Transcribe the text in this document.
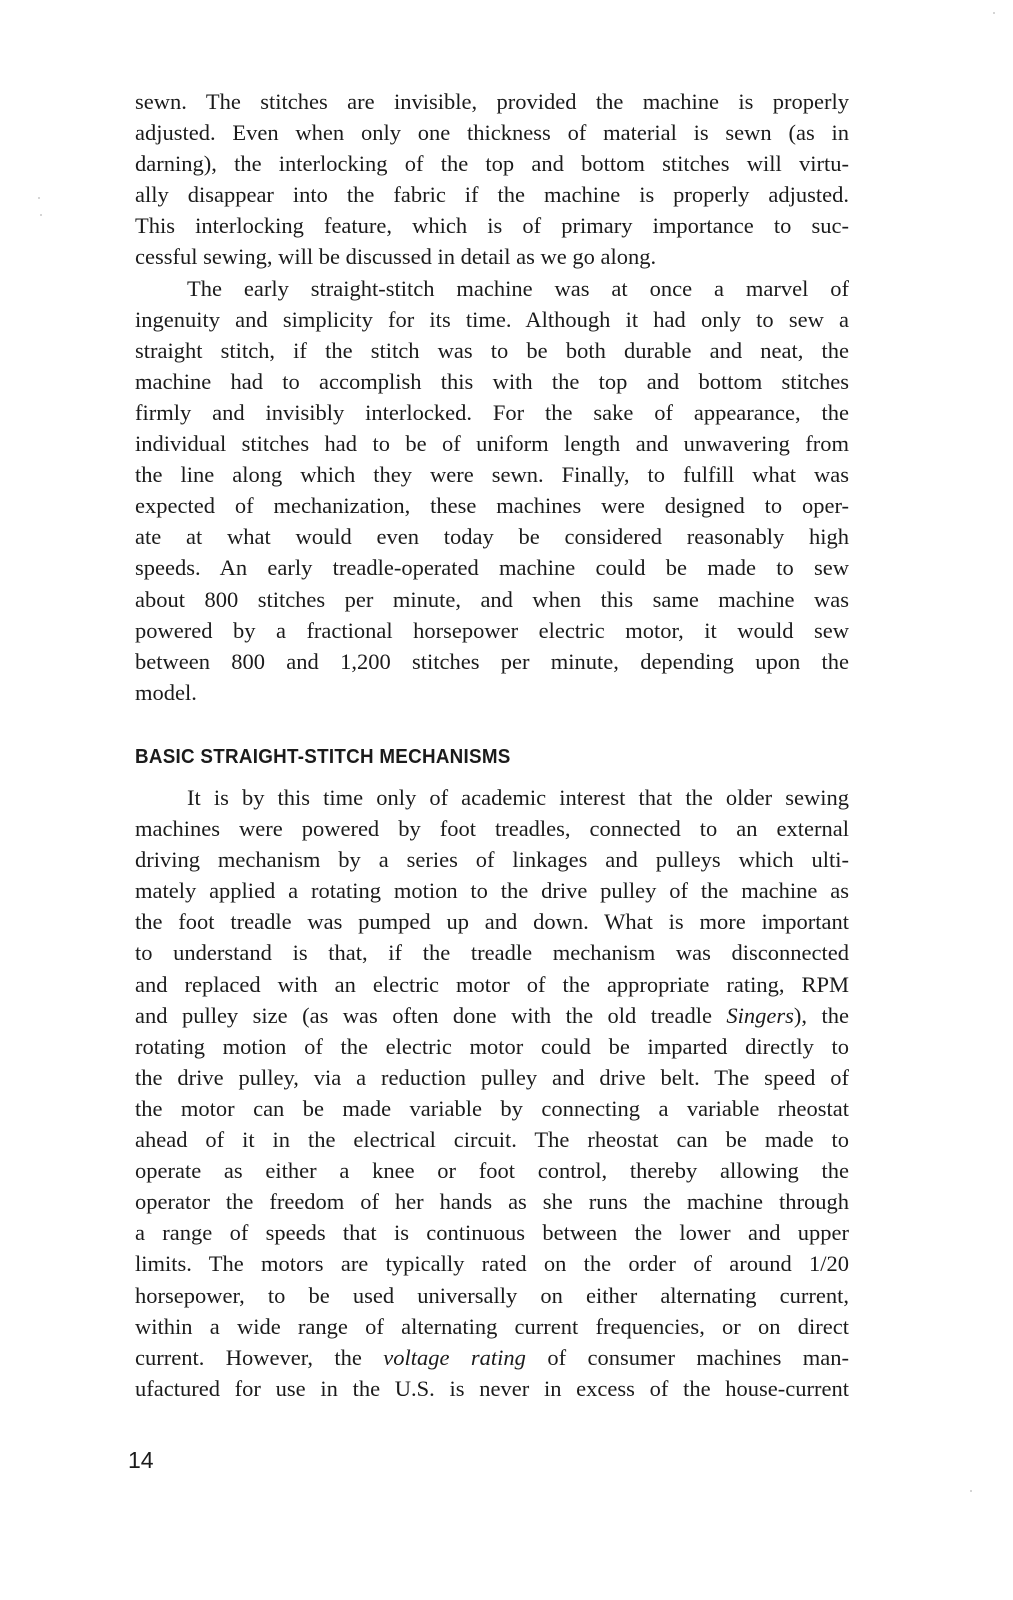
sewn. The stitches are invisible, provided the machine is properly
adjusted. Even when only one thickness of material is sewn (as in
darning), the interlocking of the top and bottom stitches will virtu-
ally disappear into the fabric if the machine is properly adjusted.
This interlocking feature, which is of primary importance to suc-
cessful sewing, will be discussed in detail as we go along.
The early straight-stitch machine was at once a marvel of
ingenuity and simplicity for its time. Although it had only to sew a
straight stitch, if the stitch was to be both durable and neat, the
machine had to accomplish this with the top and bottom stitches
firmly and invisibly interlocked. For the sake of appearance, the
individual stitches had to be of uniform length and unwavering from
the line along which they were sewn. Finally, to fulfill what was
expected of mechanization, these machines were designed to oper-
ate at what would even today be considered reasonably high
speeds. An early treadle-operated machine could be made to sew
about 800 stitches per minute, and when this same machine was
powered by a fractional horsepower electric motor, it would sew
between 800 and 1,200 stitches per minute, depending upon the
model.
BASIC STRAIGHT-STITCH MECHANISMS
It is by this time only of academic interest that the older sewing
machines were powered by foot treadles, connected to an external
driving mechanism by a series of linkages and pulleys which ulti-
mately applied a rotating motion to the drive pulley of the machine as
the foot treadle was pumped up and down. What is more important
to understand is that, if the treadle mechanism was disconnected
and replaced with an electric motor of the appropriate rating, RPM
and pulley size (as was often done with the old treadle Singers), the
rotating motion of the electric motor could be imparted directly to
the drive pulley, via a reduction pulley and drive belt. The speed of
the motor can be made variable by connecting a variable rheostat
ahead of it in the electrical circuit. The rheostat can be made to
operate as either a knee or foot control, thereby allowing the
operator the freedom of her hands as she runs the machine through
a range of speeds that is continuous between the lower and upper
limits. The motors are typically rated on the order of around 1/20
horsepower, to be used universally on either alternating current,
within a wide range of alternating current frequencies, or on direct
current. However, the voltage rating of consumer machines man-
ufactured for use in the U.S. is never in excess of the house-current
14
